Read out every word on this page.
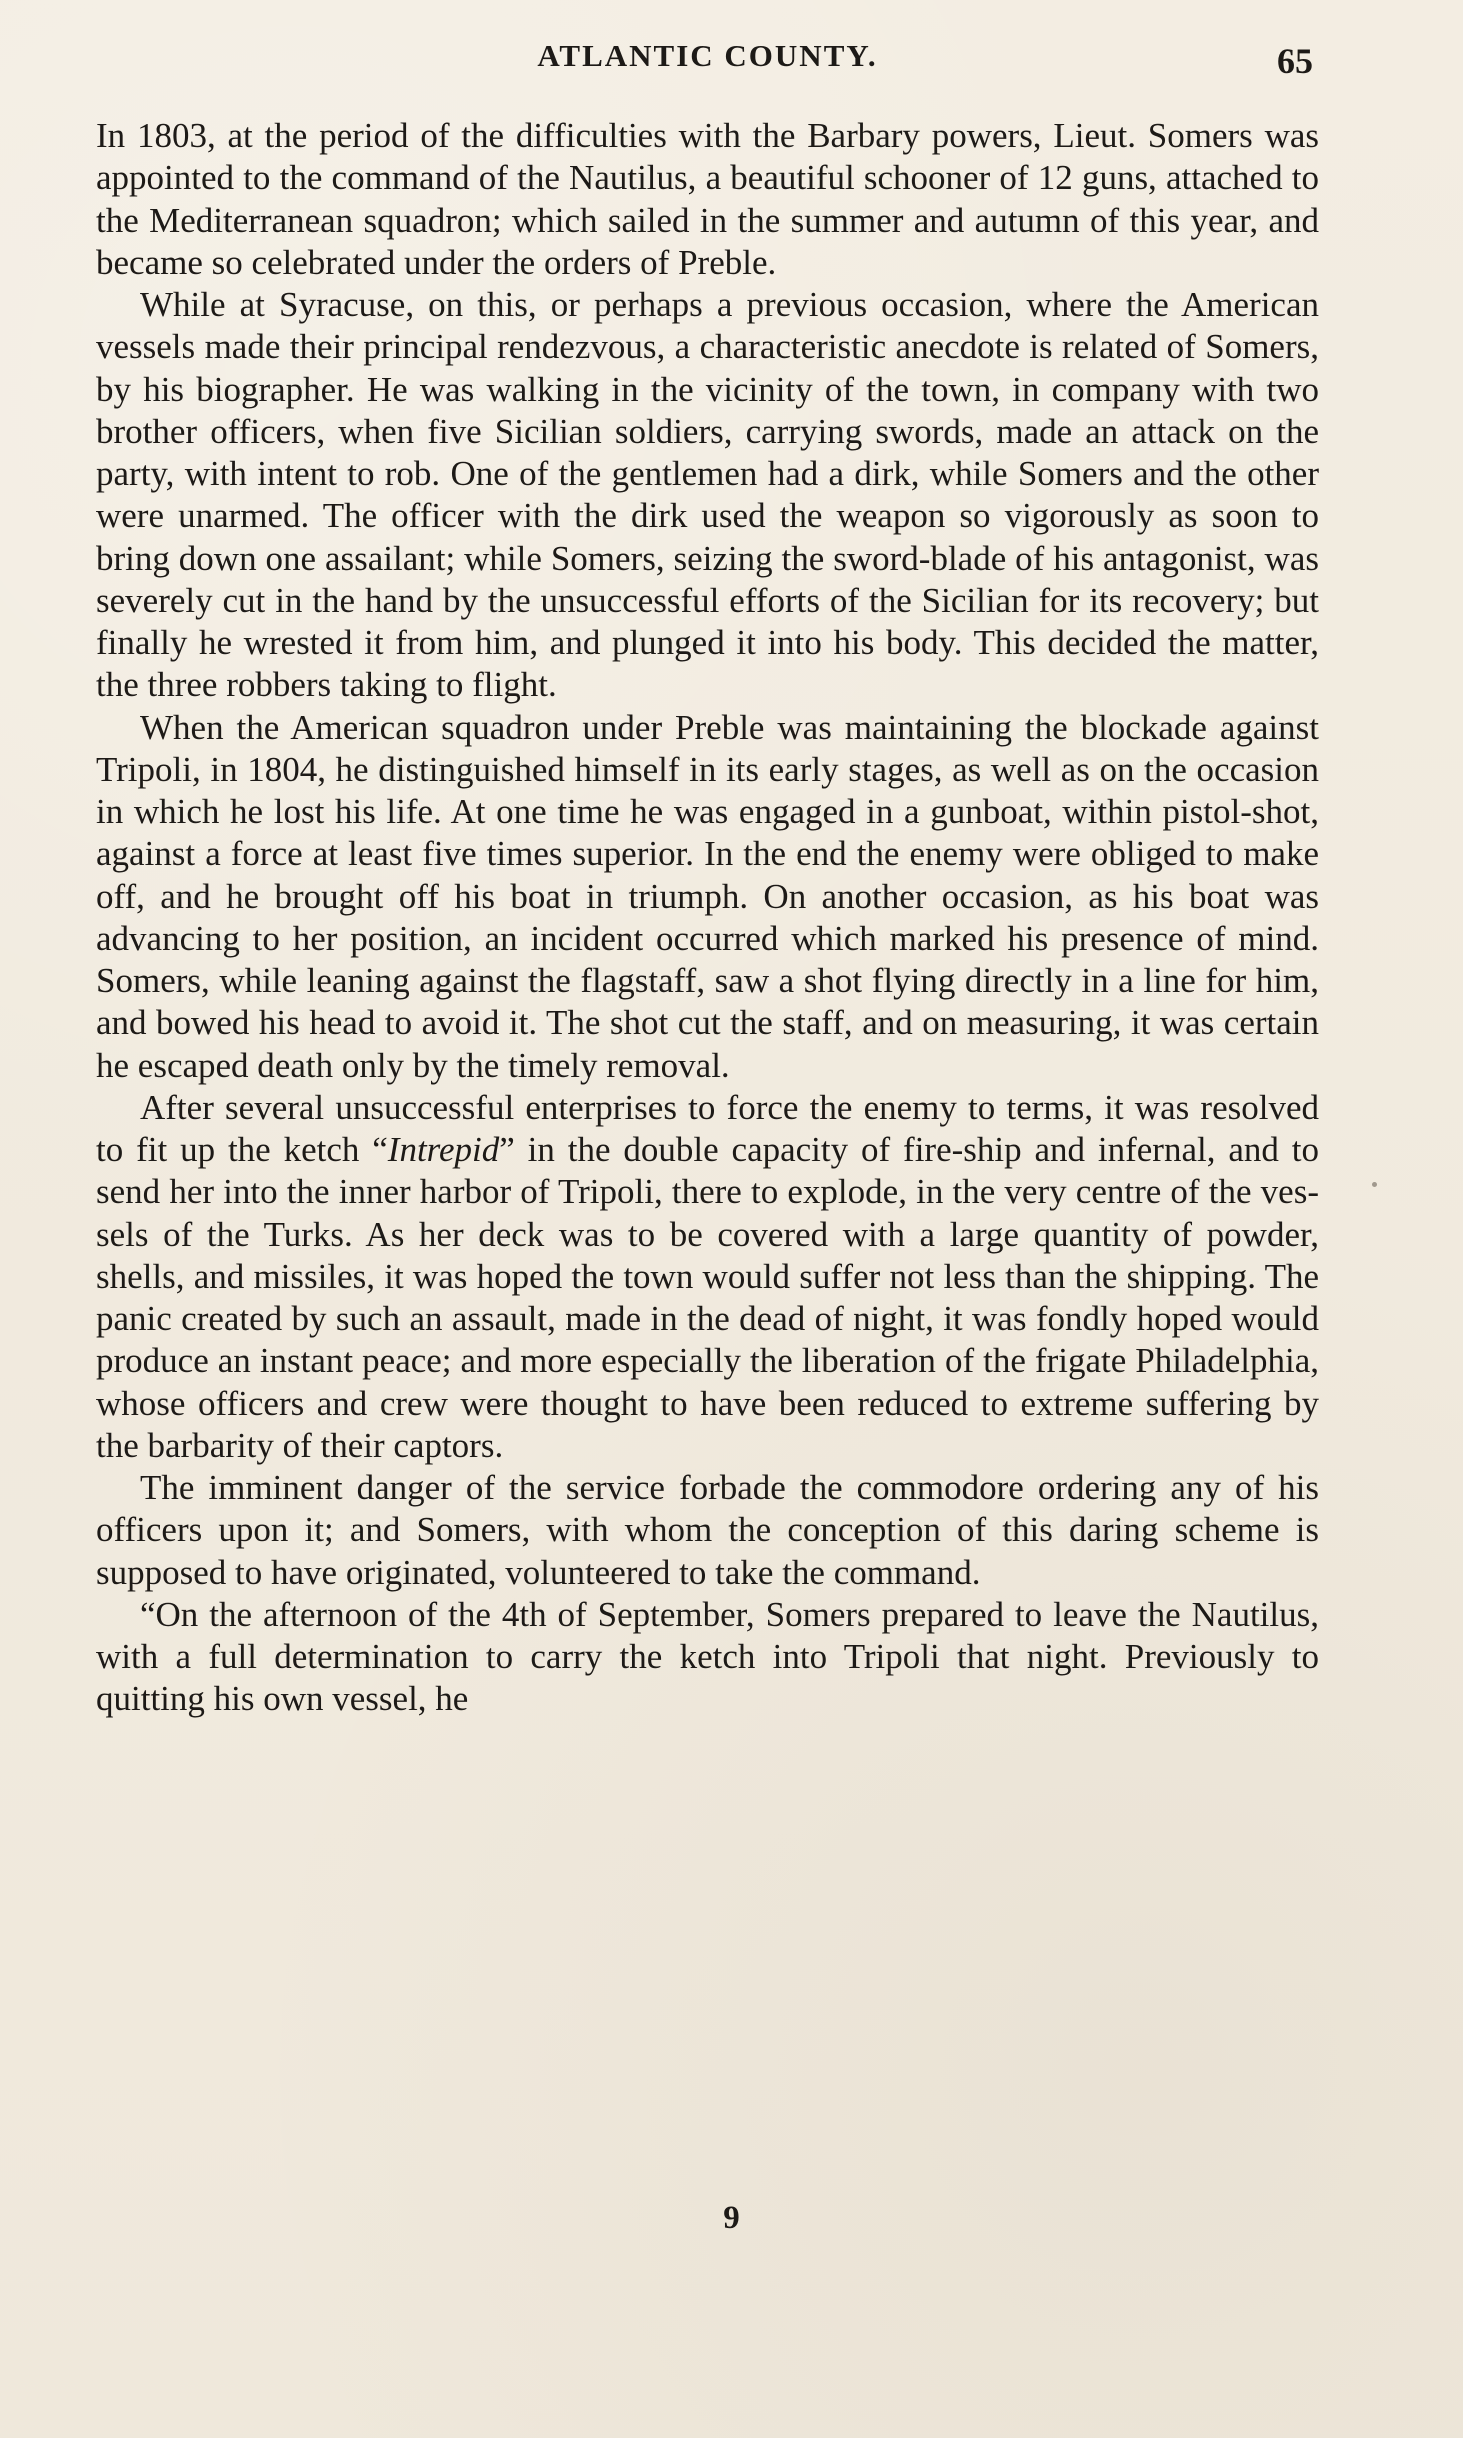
ATLANTIC COUNTY.	65

In 1803, at the period of the difficulties with the Barbary powers, Lieut. Somers was appointed to the command of the Nautilus, a beautiful schooner of 12 guns, attached to the Mediterranean squadron; which sailed in the summer and autumn of this year, and became so celebrated under the orders of Preble.

While at Syracuse, on this, or perhaps a previous occasion, where the American vessels made their principal rendezvous, a characteristic anecdote is related of Somers, by his biographer. He was walking in the vicinity of the town, in company with two brother officers, when five Sicilian soldiers, carrying swords, made an attack on the party, with intent to rob. One of the gentlemen had a dirk, while Somers and the other were unarmed. The officer with the dirk used the weapon so vigorously as soon to bring down one assailant; while Somers, seizing the sword-blade of his antagonist, was severely cut in the hand by the unsuccessful efforts of the Sicilian for its recovery; but finally he wrested it from him, and plunged it into his body. This decided the matter, the three robbers taking to flight.

When the American squadron under Preble was maintaining the blockade against Tripoli, in 1804, he distinguished himself in its early stages, as well as on the occasion in which he lost his life. At one time he was engaged in a gunboat, within pistol-shot, against a force at least five times superior. In the end the enemy were obliged to make off, and he brought off his boat in triumph. On another occasion, as his boat was advancing to her position, an incident occurred which marked his presence of mind. Somers, while leaning against the flagstaff, saw a shot flying directly in a line for him, and bowed his head to avoid it. The shot cut the staff, and on measuring, it was certain he escaped death only by the timely removal.

After several unsuccessful enterprises to force the enemy to terms, it was resolved to fit up the ketch “Intrepid” in the double capacity of fire-ship and infernal, and to send her into the inner harbor of Tripoli, there to explode, in the very centre of the vessels of the Turks. As her deck was to be covered with a large quantity of powder, shells, and missiles, it was hoped the town would suffer not less than the shipping. The panic created by such an assault, made in the dead of night, it was fondly hoped would produce an instant peace; and more especially the liberation of the frigate Philadelphia, whose officers and crew were thought to have been reduced to extreme suffering by the barbarity of their captors.

The imminent danger of the service forbade the commodore ordering any of his officers upon it; and Somers, with whom the conception of this daring scheme is supposed to have originated, volunteered to take the command.

“On the afternoon of the 4th of September, Somers prepared to leave the Nautilus, with a full determination to carry the ketch into Tripoli that night. Previously to quitting his own vessel, he

9
